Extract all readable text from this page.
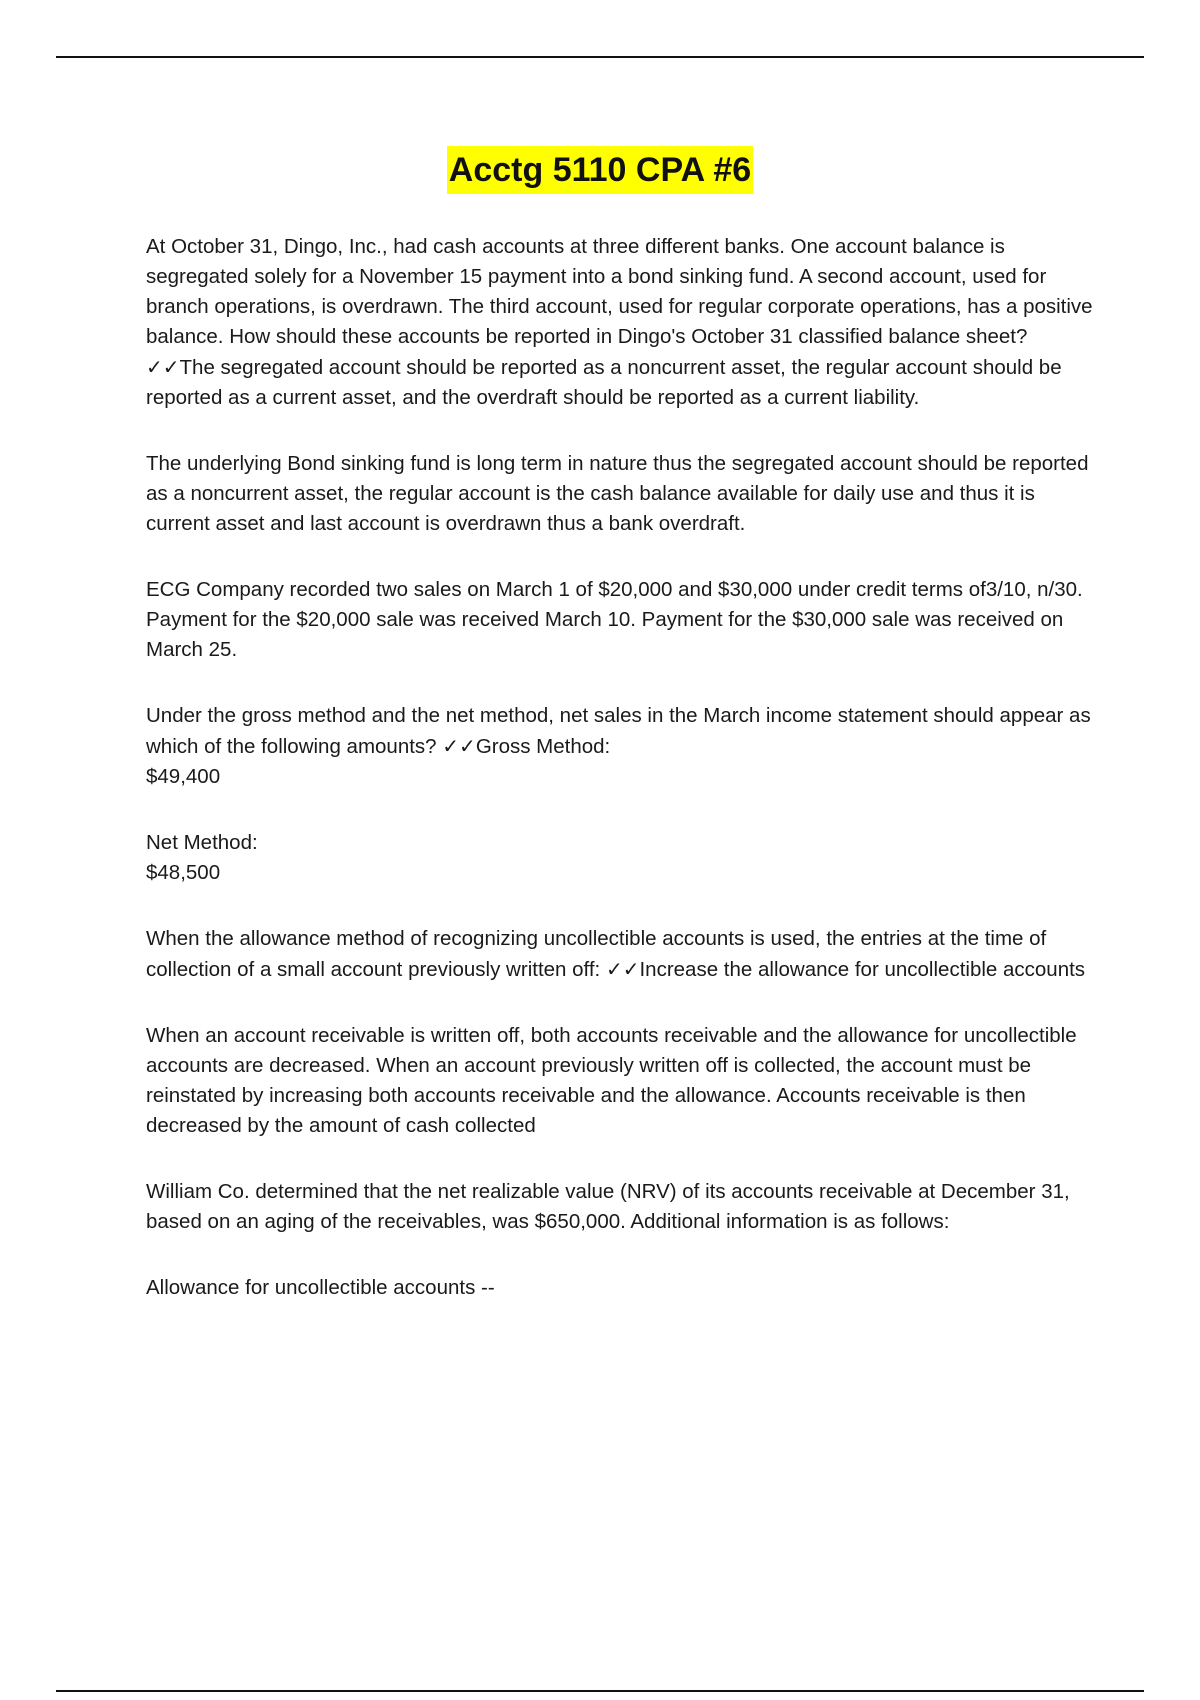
Acctg 5110 CPA #6

At October 31, Dingo, Inc., had cash accounts at three different banks. One account balance is segregated solely for a November 15 payment into a bond sinking fund. A second account, used for branch operations, is overdrawn. The third account, used for regular corporate operations, has a positive balance. How should these accounts be reported in Dingo's October 31 classified balance sheet? ✓✓The segregated account should be reported as a noncurrent asset, the regular account should be reported as a current asset, and the overdraft should be reported as a current liability.

The underlying Bond sinking fund is long term in nature thus the segregated account should be reported as a noncurrent asset, the regular account is the cash balance available for daily use and thus it is current asset and last account is overdrawn thus a bank overdraft.

ECG Company recorded two sales on March 1 of $20,000 and $30,000 under credit terms of3/10, n/30. Payment for the $20,000 sale was received March 10. Payment for the $30,000 sale was received on March 25.

Under the gross method and the net method, net sales in the March income statement should appear as which of the following amounts? ✓✓Gross Method:
$49,400

Net Method:
$48,500

When the allowance method of recognizing uncollectible accounts is used, the entries at the time of collection of a small account previously written off: ✓✓Increase the allowance for uncollectible accounts

When an account receivable is written off, both accounts receivable and the allowance for uncollectible accounts are decreased. When an account previously written off is collected, the account must be reinstated by increasing both accounts receivable and the allowance. Accounts receivable is then decreased by the amount of cash collected

William Co. determined that the net realizable value (NRV) of its accounts receivable at December 31, based on an aging of the receivables, was $650,000. Additional information is as follows:

Allowance for uncollectible accounts --
